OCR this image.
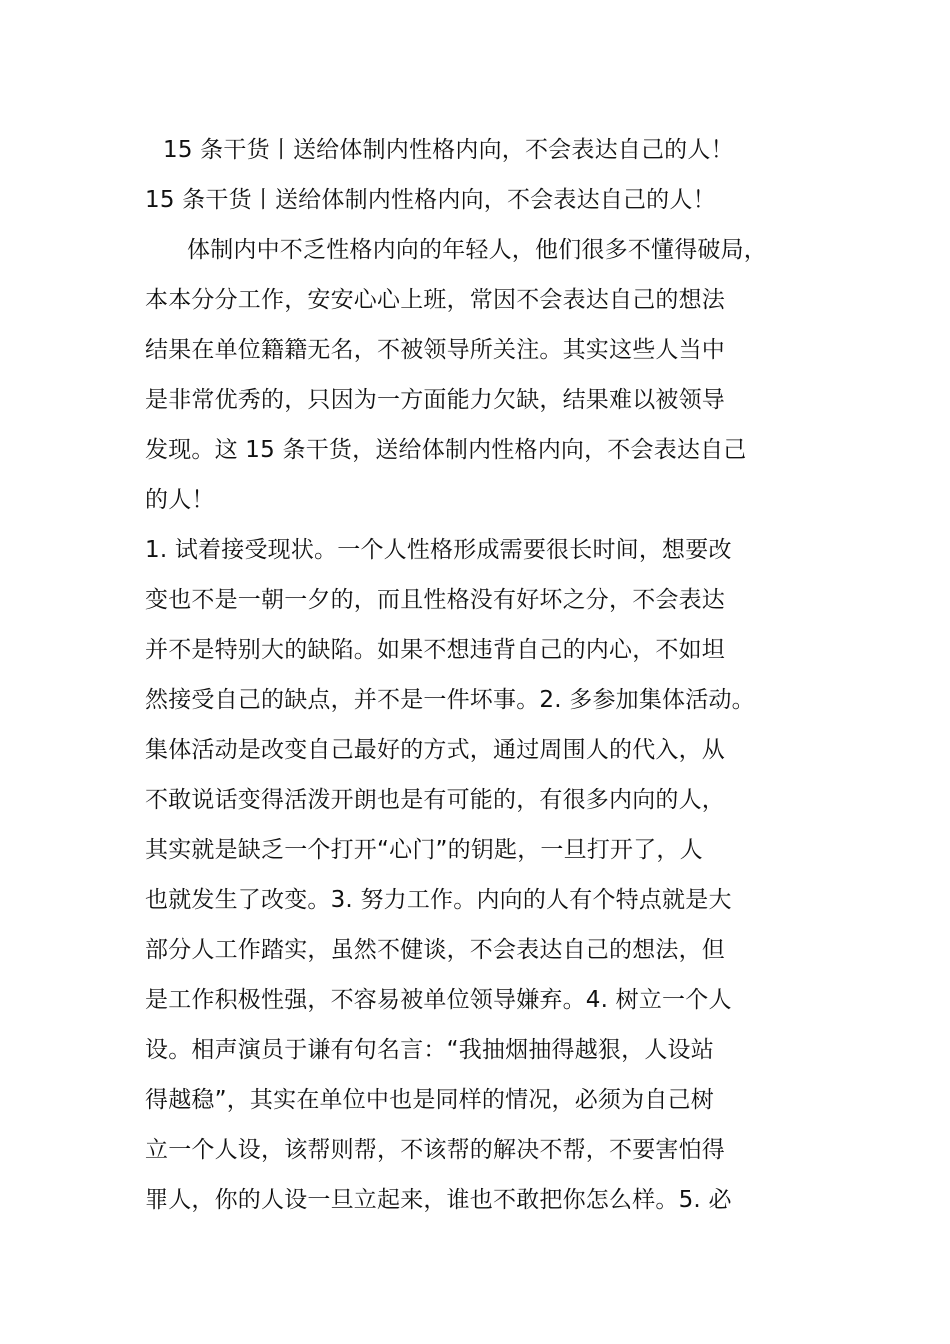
15 条干货丨送给体制内性格内向，不会表达自己的人！
15 条干货丨送给体制内性格内向，不会表达自己的人！
体制内中不乏性格内向的年轻人，他们很多不懂得破局，
本本分分工作，安安心心上班，常因不会表达自己的想法
结果在单位籍籍无名，不被领导所关注。其实这些人当中
是非常优秀的，只因为一方面能力欠缺，结果难以被领导
发现。这 15 条干货，送给体制内性格内向，不会表达自己
的人！
1. 试着接受现状。一个人性格形成需要很长时间，想要改
变也不是一朝一夕的，而且性格没有好坏之分，不会表达
并不是特别大的缺陷。如果不想违背自己的内心，不如坦
然接受自己的缺点，并不是一件坏事。2. 多参加集体活动。
集体活动是改变自己最好的方式，通过周围人的代入，从
不敢说话变得活泼开朗也是有可能的，有很多内向的人，
其实就是缺乏一个打开“心门”的钥匙，一旦打开了，人
也就发生了改变。3. 努力工作。内向的人有个特点就是大
部分人工作踏实，虽然不健谈，不会表达自己的想法，但
是工作积极性强，不容易被单位领导嫌弃。4. 树立一个人
设。相声演员于谦有句名言：“我抽烟抽得越狠，人设站
得越稳”，其实在单位中也是同样的情况，必须为自己树
立一个人设，该帮则帮，不该帮的解决不帮，不要害怕得
罪人，你的人设一旦立起来，谁也不敢把你怎么样。5. 必
